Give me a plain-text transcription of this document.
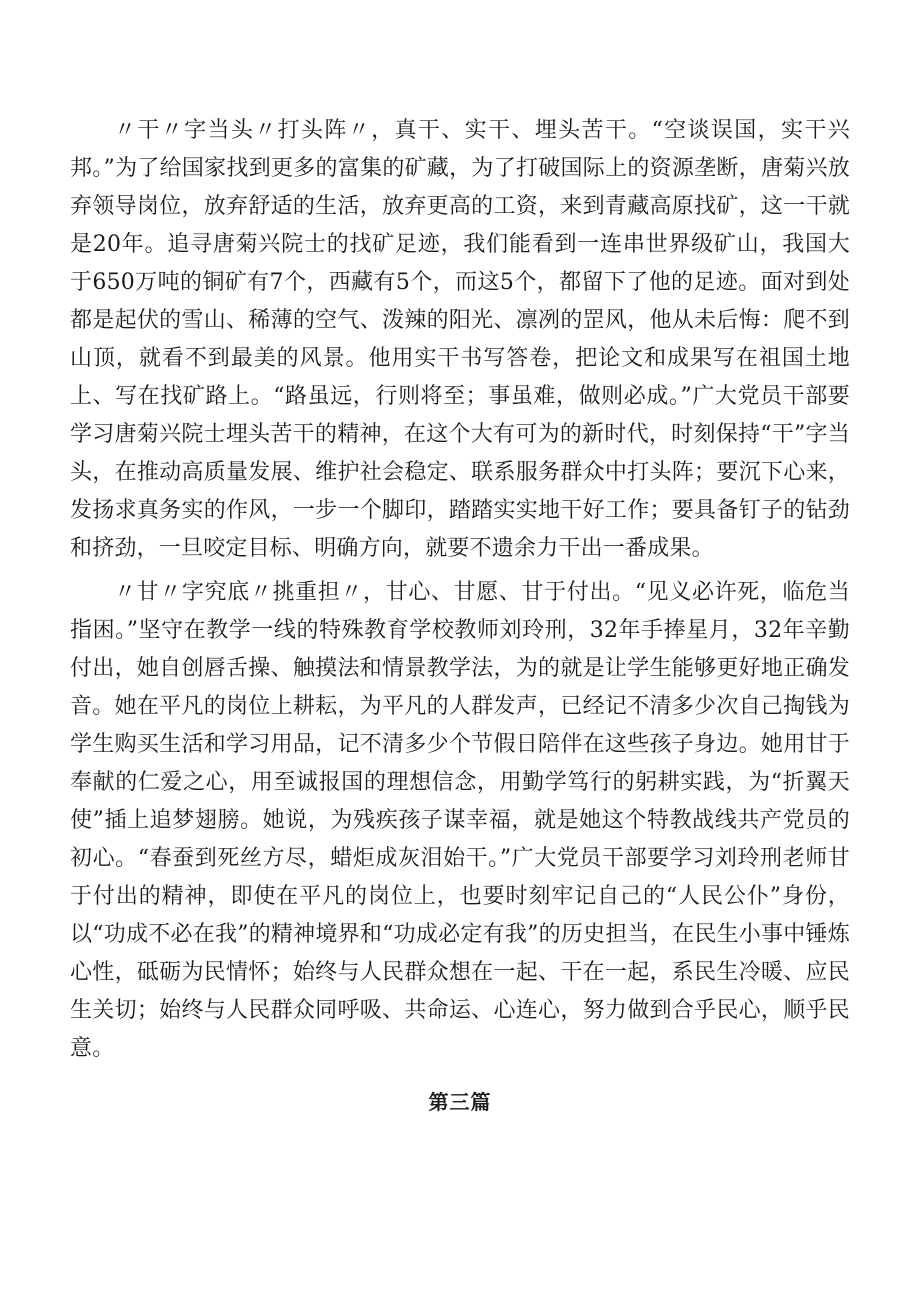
〃干〃字当头〃打头阵〃，真干、实干、埋头苦干。“空谈误国，实干兴邦。”为了给国家找到更多的富集的矿藏，为了打破国际上的资源垄断，唐菊兴放弃领导岗位，放弃舒适的生活，放弃更高的工资，来到青藏高原找矿，这一干就是20年。追寻唐菊兴院士的找矿足迹，我们能看到一连串世界级矿山，我国大于650万吨的铜矿有7个，西藏有5个，而这5个，都留下了他的足迹。面对到处都是起伏的雪山、稀薄的空气、泼辣的阳光、凛冽的罡风，他从未后悔：爬不到山顶，就看不到最美的风景。他用实干书写答卷，把论文和成果写在祖国土地上、写在找矿路上。“路虽远，行则将至；事虽难，做则必成。”广大党员干部要学习唐菊兴院士埋头苦干的精神，在这个大有可为的新时代，时刻保持“干”字当头，在推动高质量发展、维护社会稳定、联系服务群众中打头阵；要沉下心来，发扬求真务实的作风，一步一个脚印，踏踏实实地干好工作；要具备钉子的钻劲和挤劲，一旦咬定目标、明确方向，就要不遗余力干出一番成果。

〃甘〃字究底〃挑重担〃，甘心、甘愿、甘于付出。“见义必许死，临危当指困。”坚守在教学一线的特殊教育学校教师刘玲刑，32年手捧星月，32年辛勤付出，她自创唇舌操、触摸法和情景教学法，为的就是让学生能够更好地正确发音。她在平凡的岗位上耕耘，为平凡的人群发声，已经记不清多少次自己掏钱为学生购买生活和学习用品，记不清多少个节假日陪伴在这些孩子身边。她用甘于奉献的仁爱之心，用至诚报国的理想信念，用勤学笃行的躬耕实践，为“折翼天使”插上追梦翅膀。她说，为残疾孩子谋幸福，就是她这个特教战线共产党员的初心。“春蚕到死丝方尽，蜡炬成灰泪始干。”广大党员干部要学习刘玲刑老师甘于付出的精神，即使在平凡的岗位上，也要时刻牢记自己的“人民公仆”身份，以“功成不必在我”的精神境界和“功成必定有我”的历史担当，在民生小事中锤炼心性，砥砺为民情怀；始终与人民群众想在一起、干在一起，系民生冷暖、应民生关切；始终与人民群众同呼吸、共命运、心连心，努力做到合乎民心，顺乎民意。

第三篇
